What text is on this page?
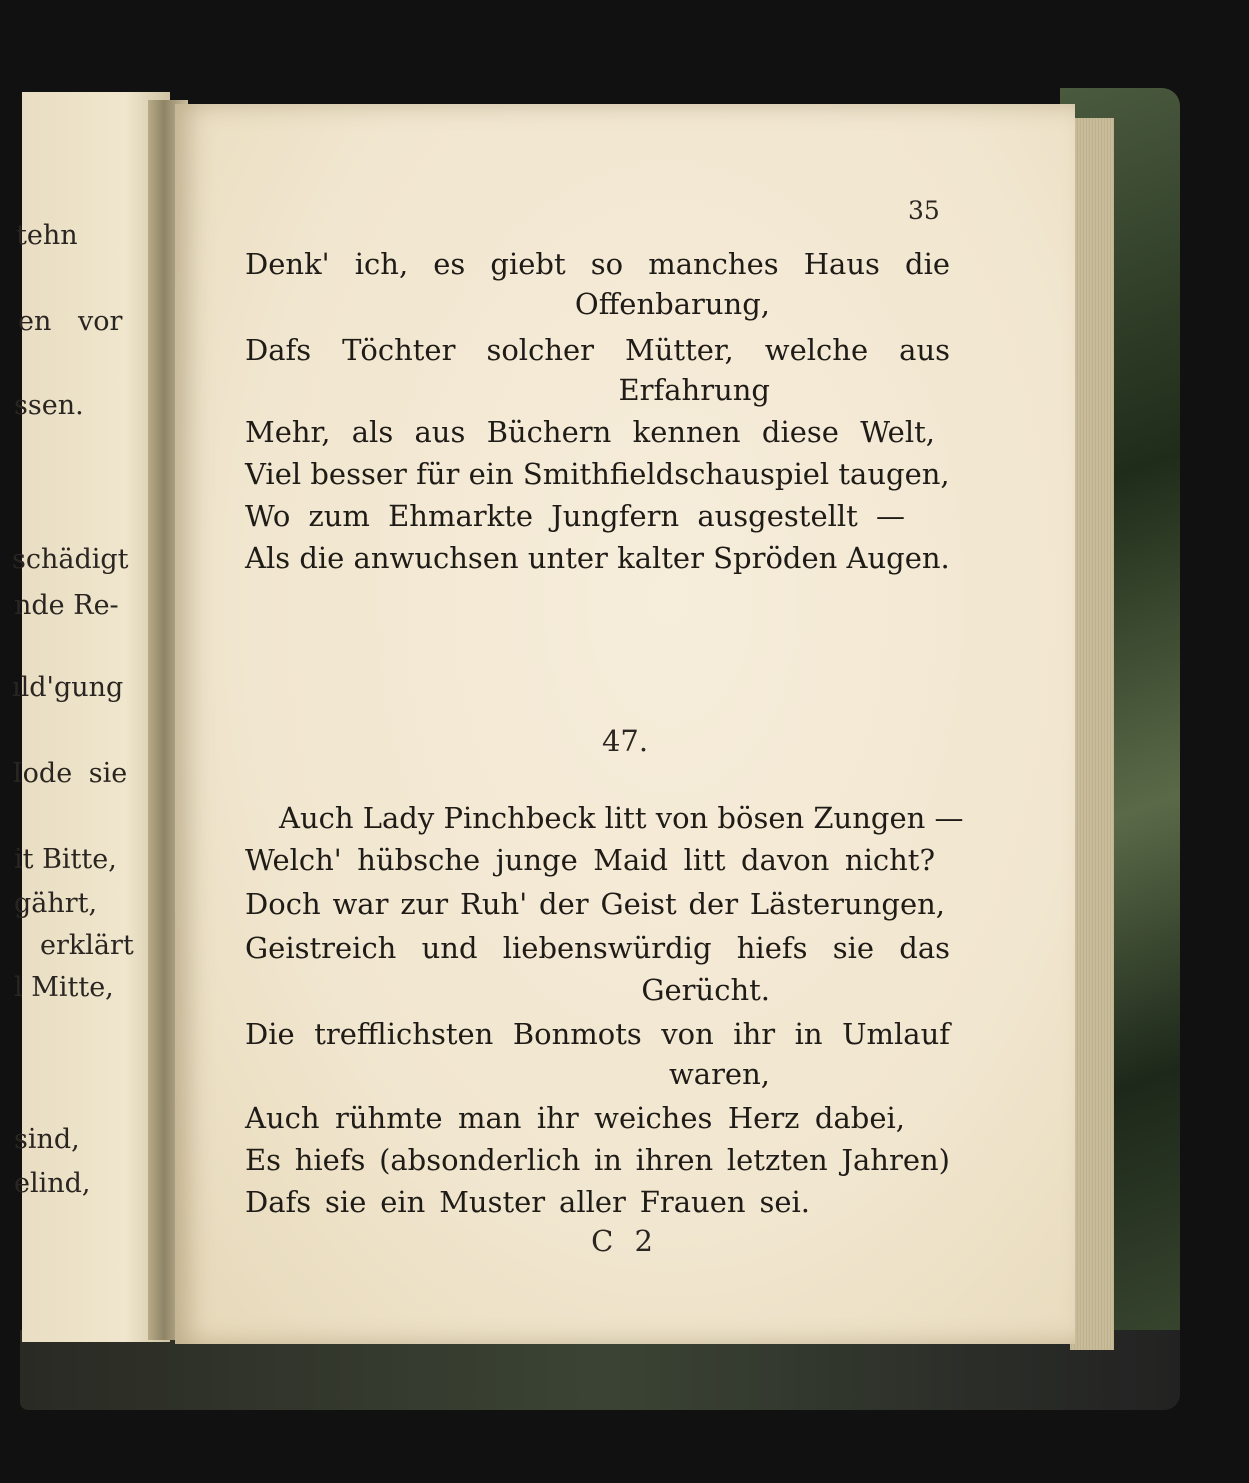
tehn
en vor
ssen.
schädigt
nde Re-
ıld'gung
Iode sie
it Bitte,
gährt,
erklärt
l Mitte,
sind,
elind,
35
Denk' ich, es giebt so manches Haus die
Offenbarung,
Dafs Töchter solcher Mütter, welche aus
Erfahrung
Mehr, als aus Büchern kennen diese Welt,
Viel besser für ein Smithfieldschauspiel taugen,
Wo zum Ehmarkte Jungfern ausgestellt —
Als die anwuchsen unter kalter Spröden Augen.
47.
Auch Lady Pinchbeck litt von bösen Zungen —
Welch' hübsche junge Maid litt davon nicht?
Doch war zur Ruh' der Geist der Lästerungen,
Geistreich und liebenswürdig hiefs sie das
Gerücht.
Die trefflichsten Bonmots von ihr in Umlauf
waren,
Auch rühmte man ihr weiches Herz dabei,
Es hiefs (absonderlich in ihren letzten Jahren)
Dafs sie ein Muster aller Frauen sei.
C 2
